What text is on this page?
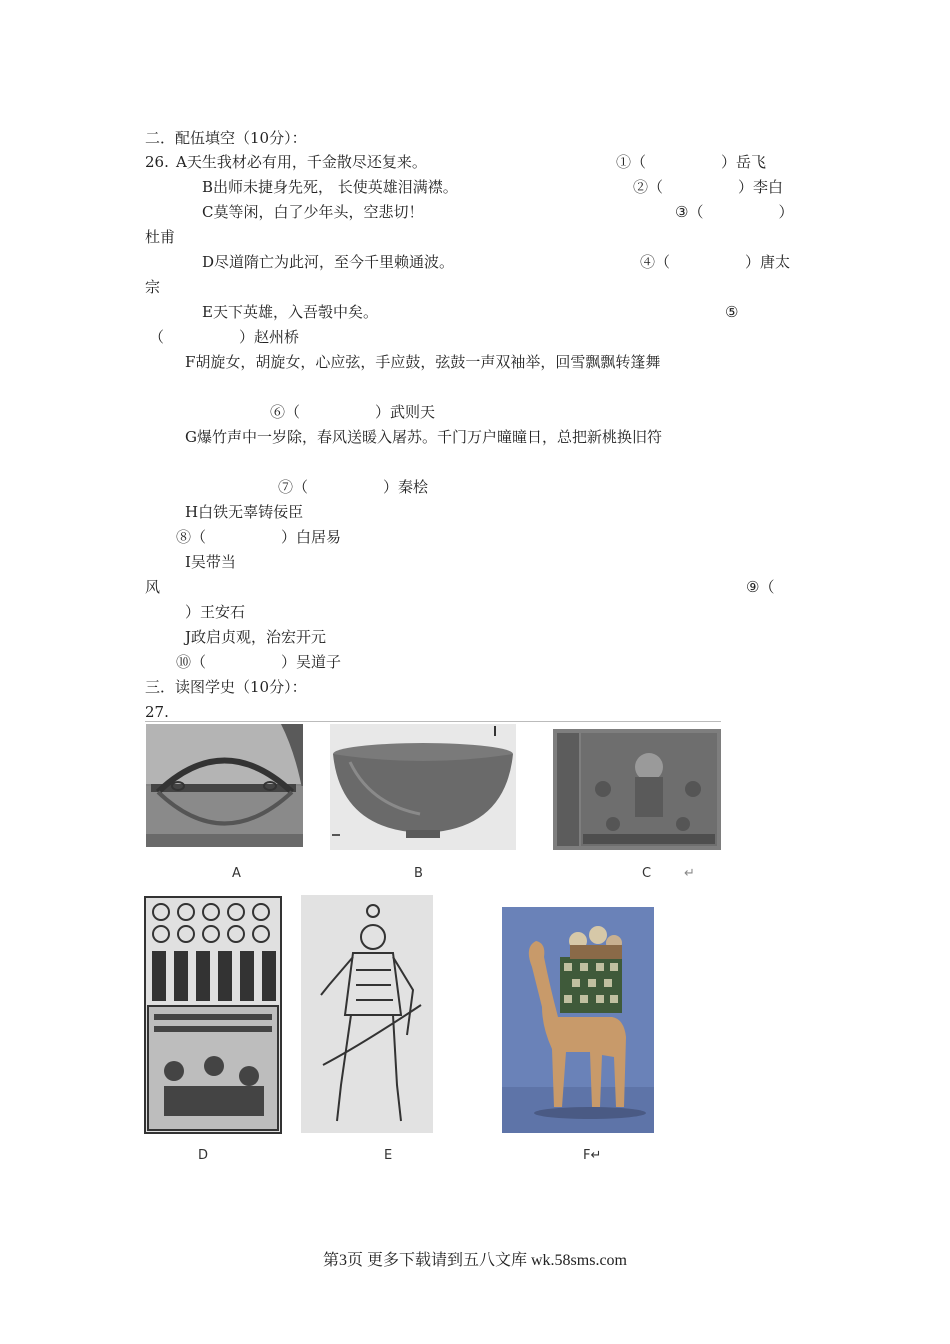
二．配伍填空（10分）：
26. A天生我材必有用，千金散尽还复来。	①（　　　　　）岳飞
B出师未捷身先死， 长使英雄泪满襟。	②（　　　　　）李白
C莫等闲，白了少年头，空悲切！	③（　　　　　）
杜甫
D尽道隋亡为此河，至今千里赖通波。	④（　　　　　）唐太
宗
E天下英雄，入吾彀中矣。	⑤
（　　　　　）赵州桥
F胡旋女，胡旋女，心应弦，手应鼓，弦鼓一声双袖举，回雪飘飘转篷舞
⑥（　　　　　）武则天
G爆竹声中一岁除，春风送暖入屠苏。千门万户曈曈日，总把新桃换旧符
⑦（　　　　　）秦桧
H白铁无辜铸佞臣
⑧（　　　　　）白居易
I吴带当
风	⑨（
）王安石
J政启贞观，治宏开元
⑩（　　　　　）吴道子
三．读图学史（10分）：
27.
A	B	C	↵
D	E	F↵
第3页 更多下载请到五八文库 wk.58sms.com
